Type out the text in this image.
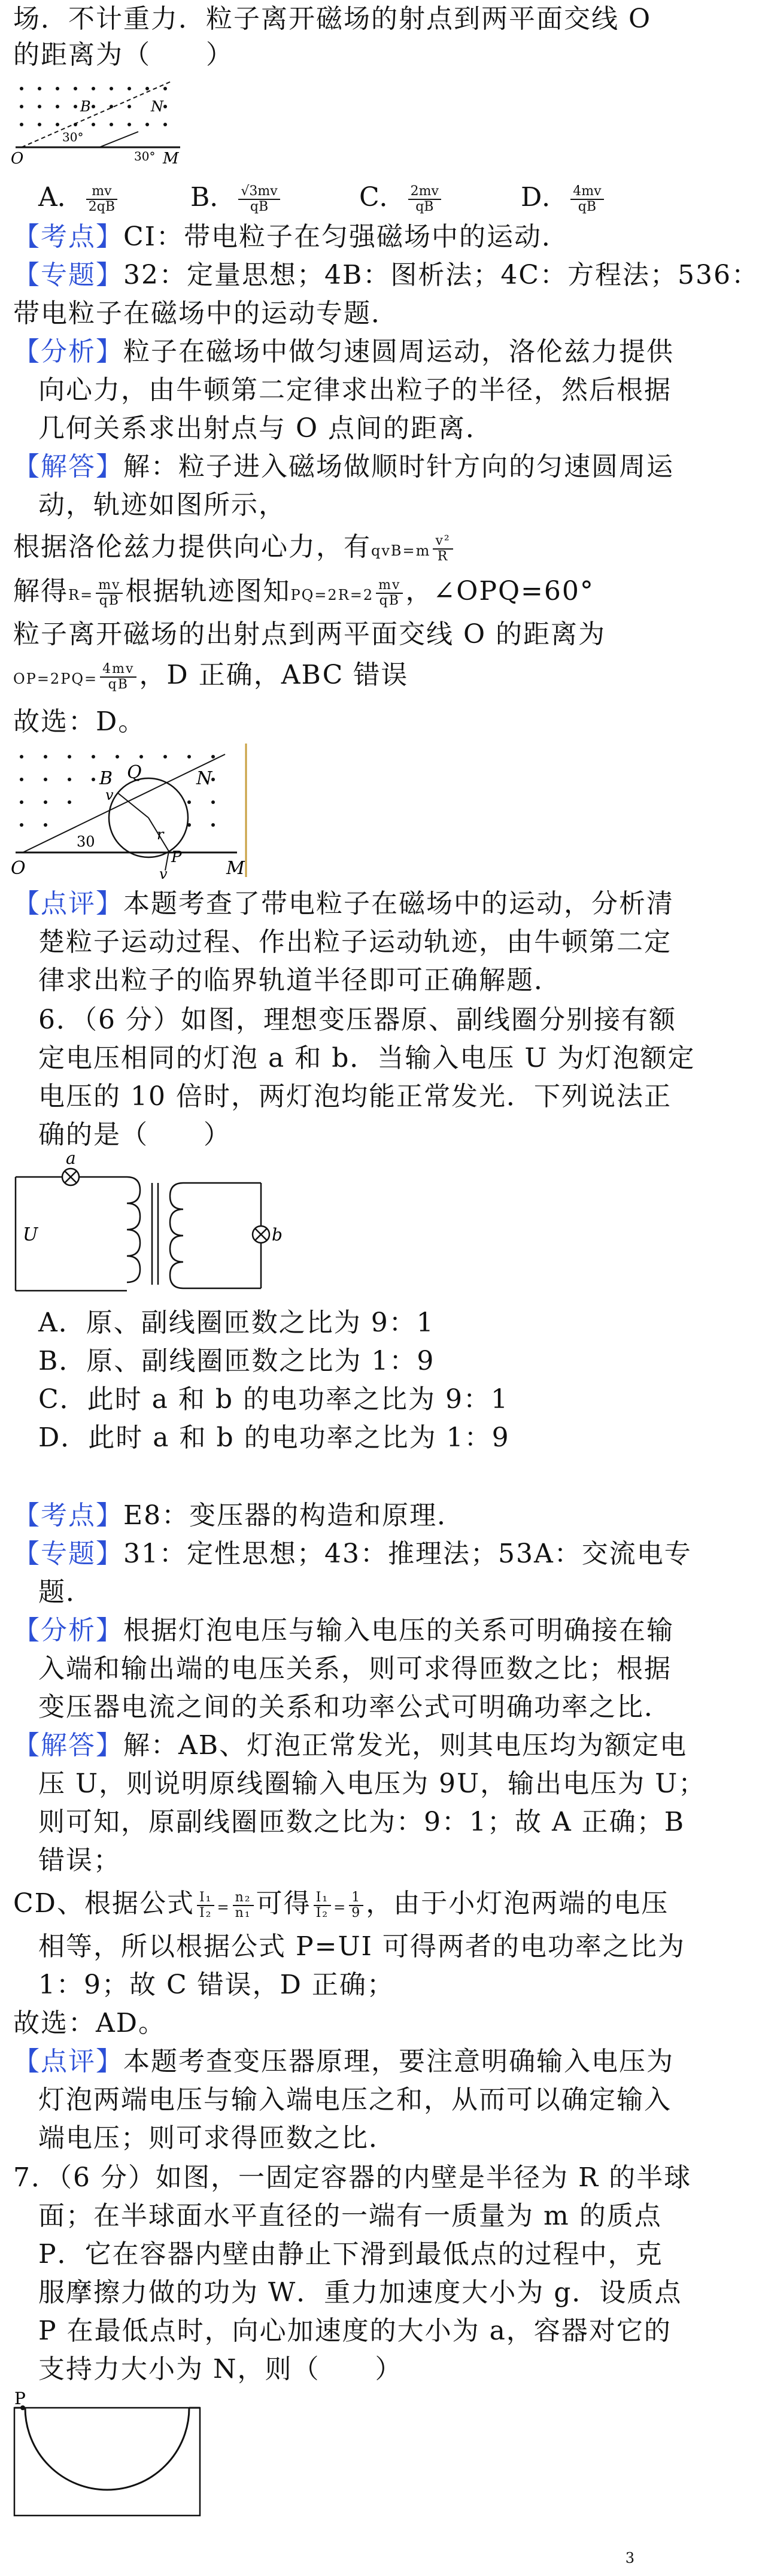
场．不计重力．粒子离开磁场的射点到两平面交线 O
的距离为（　　）
O	M
B	N
30°
30°
A． $\frac{mv}{2qB}$	B． $\frac{√3mv}{qB}$	C． $\frac{2mv}{qB}$	D． $\frac{4mv}{qB}$
【考点】CI：带电粒子在匀强磁场中的运动．
【专题】32：定量思想；4B：图析法；4C：方程法；536：
带电粒子在磁场中的运动专题．
【分析】粒子在磁场中做匀速圆周运动，洛伦兹力提供
向心力，由牛顿第二定律求出粒子的半径，然后根据
几何关系求出射点与 O 点间的距离．
【解答】解：粒子进入磁场做顺时针方向的匀速圆周运
动，轨迹如图所示，
根据洛伦兹力提供向心力，有$qvB=m \frac{\text{v²}}{R}$
解得$R= \frac{mv}{qB}$ 根据轨迹图知$PQ=2R=2 \frac{mv}{qB}$ ，∠OPQ=60°
粒子离开磁场的出射点到两平面交线 O 的距离为
$OP=2PQ= \frac{4mv}{qB}$ ，D 正确，ABC 错误
故选：D。
O	M
B Q	N
P
v
v
30	r
【点评】本题考查了带电粒子在磁场中的运动，分析清
楚粒子运动过程、作出粒子运动轨迹，由牛顿第二定
律求出粒子的临界轨道半径即可正确解题．
6．（6 分）如图，理想变压器原、副线圈分别接有额
定电压相同的灯泡 a 和 b．当输入电压 U 为灯泡额定
电压的 10 倍时，两灯泡均能正常发光．下列说法正
确的是（　　）
a
b
U
A．原、副线圈匝数之比为 9：1
B．原、副线圈匝数之比为 1：9
C．此时 a 和 b 的电功率之比为 9：1
D．此时 a 和 b 的电功率之比为 1：9
【考点】E8：变压器的构造和原理．
【专题】31：定性思想；43：推理法；53A：交流电专
题．
【分析】根据灯泡电压与输入电压的关系可明确接在输
入端和输出端的电压关系，则可求得匝数之比；根据
变压器电流之间的关系和功率公式可明确功率之比．
【解答】解：AB、灯泡正常发光，则其电压均为额定电
压 U，则说明原线圈输入电压为 9U，输出电压为 U；
则可知，原副线圈匝数之比为：9：1；故 A 正确；B
错误；
CD、根据公式 $\frac{\text{I₁}}{\text{I₂}} = \frac{\text{n₂}}{\text{n₁}}$ 可得 $\frac{\text{I₁}}{\text{I₂}} = \frac{1}{9}$ ，由于小灯泡两端的电压
相等，所以根据公式 P=UI 可得两者的电功率之比为
1：9；故 C 错误，D 正确；
故选：AD。
【点评】本题考查变压器原理，要注意明确输入电压为
灯泡两端电压与输入端电压之和，从而可以确定输入
端电压；则可求得匝数之比．
7．（6 分）如图，一固定容器的内壁是半径为 R 的半球
面；在半球面水平直径的一端有一质量为 m 的质点
P．它在容器内壁由静止下滑到最低点的过程中，克
服摩擦力做的功为 W．重力加速度大小为 g．设质点
P 在最低点时，向心加速度的大小为 a，容器对它的
支持力大小为 N，则（　　）
P
3
